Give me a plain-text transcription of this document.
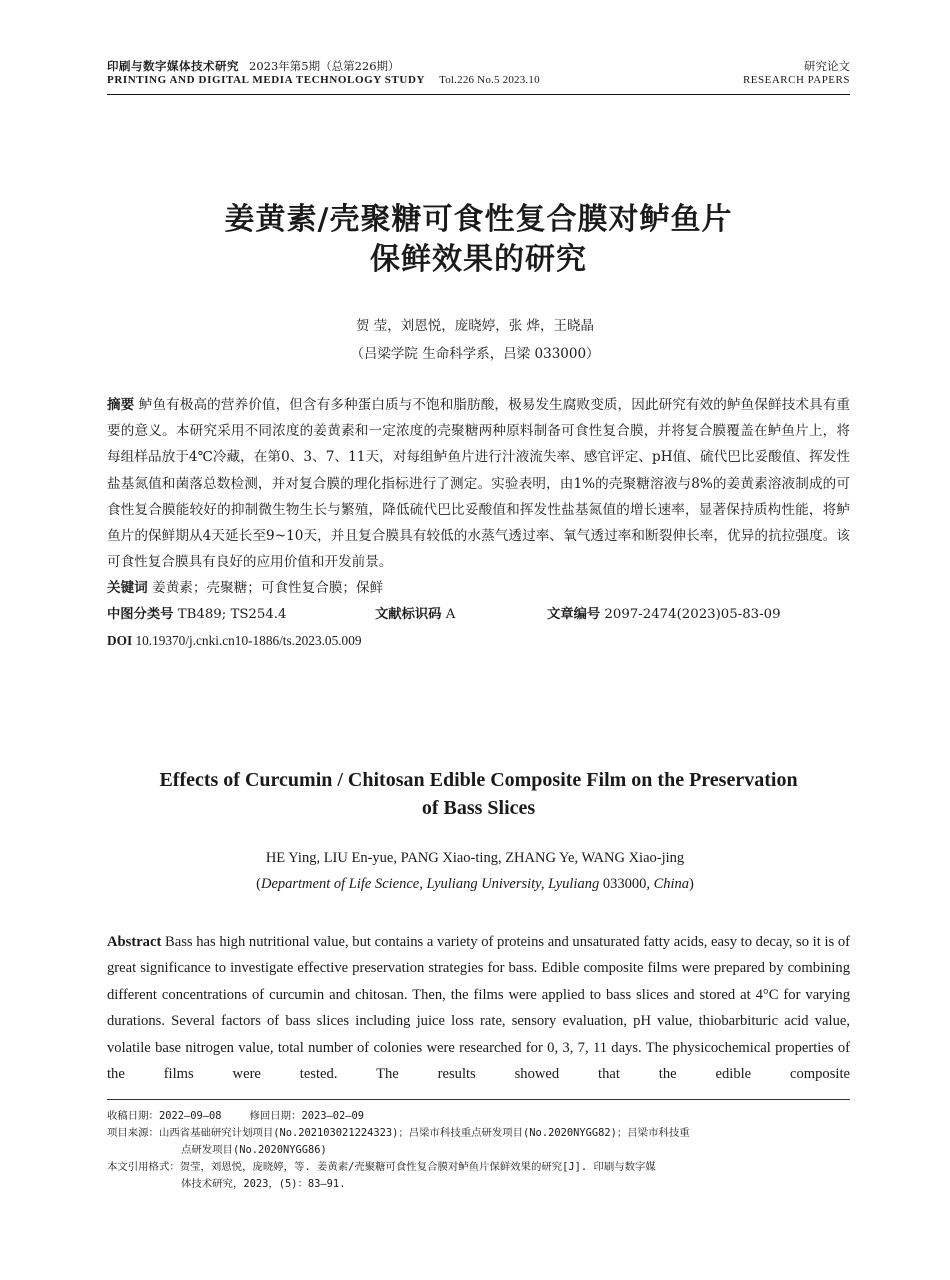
印刷与数字媒体技术研究 2023年第5期（总第226期）	研究论文
PRINTING AND DIGITAL MEDIA TECHNOLOGY STUDY Tol.226 No.5 2023.10	RESEARCH PAPERS
姜黄素/壳聚糖可食性复合膜对鲈鱼片
保鲜效果的研究
贺 莹，刘恩悦，庞晓婷，张 烨，王晓晶
（吕梁学院 生命科学系，吕梁 033000）

摘要 鲈鱼有极高的营养价值，但含有多种蛋白质与不饱和脂肪酸，极易发生腐败变质，因此研究有效的鲈鱼保鲜技术具有重要的意义。本研究采用不同浓度的姜黄素和一定浓度的壳聚糖两种原料制备可食性复合膜，并将复合膜覆盖在鲈鱼片上，将每组样品放于4℃冷藏，在第0、3、7、11天，对每组鲈鱼片进行汁液流失率、感官评定、pH值、硫代巴比妥酸值、挥发性盐基氮值和菌落总数检测，并对复合膜的理化指标进行了测定。实验表明，由1%的壳聚糖溶液与8%的姜黄素溶液制成的可食性复合膜能较好的抑制微生物生长与繁殖，降低硫代巴比妥酸值和挥发性盐基氮值的增长速率，显著保持质构性能，将鲈鱼片的保鲜期从4天延长至9~10天，并且复合膜具有较低的水蒸气透过率、氧气透过率和断裂伸长率，优异的抗拉强度。该可食性复合膜具有良好的应用价值和开发前景。

关键词 姜黄素；壳聚糖；可食性复合膜；保鲜

中图分类号 TB489; TS254.4	文献标识码 A	文章编号 2097-2474(2023)05-83-09
DOI 10.19370/j.cnki.cn10-1886/ts.2023.05.009
Effects of Curcumin / Chitosan Edible Composite Film on the Preservation
of Bass Slices
HE Ying, LIU En-yue, PANG Xiao-ting, ZHANG Ye, WANG Xiao-jing
(Department of Life Science, Lyuliang University, Lyuliang 033000, China)
Abstract Bass has high nutritional value, but contains a variety of proteins and unsaturated fatty acids, easy to decay, so it is of great significance to investigate effective preservation strategies for bass. Edible composite films were prepared by combining different concentrations of curcumin and chitosan. Then, the films were applied to bass slices and stored at 4°C for varying durations. Several factors of bass slices including juice loss rate, sensory evaluation, pH value, thiobarbituric acid value, volatile base nitrogen value, total number of colonies were researched for 0, 3, 7, 11 days. The physicochemical properties of the films were tested. The results showed that the edible composite
收稿日期：2022—09—08	修回日期：2023—02—09
项目来源：山西省基础研究计划项目(No.202103021224323)；吕梁市科技重点研发项目(No.2020NYGG82)；吕梁市科技重
点研发项目(No.2020NYGG86)
本文引用格式：贺莹，刘恩悦，庞晓婷，等. 姜黄素/壳聚糖可食性复合膜对鲈鱼片保鲜效果的研究[J]. 印刷与数字媒
体技术研究，2023，(5)：83—91.
